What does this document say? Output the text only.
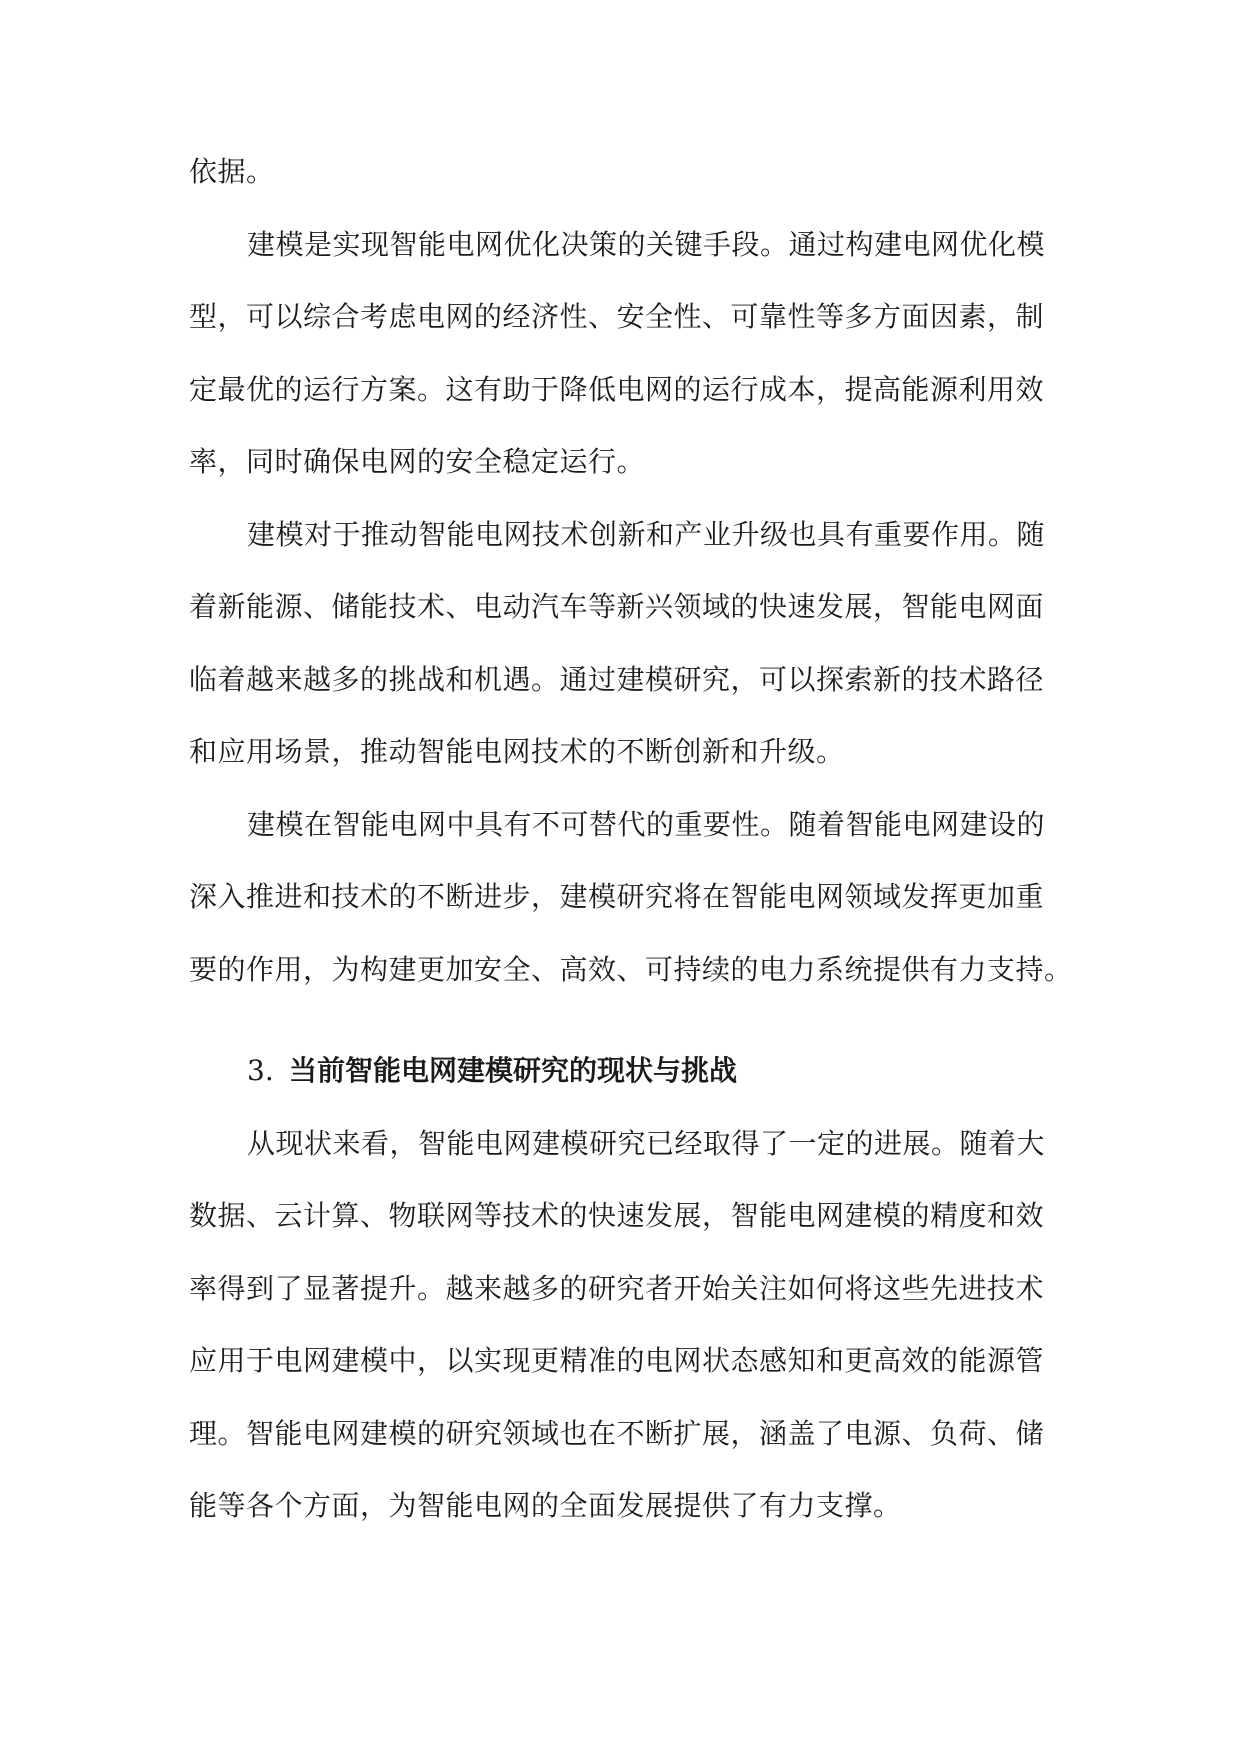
依据。
建模是实现智能电网优化决策的关键手段。通过构建电网优化模
型，可以综合考虑电网的经济性、安全性、可靠性等多方面因素，制
定最优的运行方案。这有助于降低电网的运行成本，提高能源利用效
率，同时确保电网的安全稳定运行。
建模对于推动智能电网技术创新和产业升级也具有重要作用。随
着新能源、储能技术、电动汽车等新兴领域的快速发展，智能电网面
临着越来越多的挑战和机遇。通过建模研究，可以探索新的技术路径
和应用场景，推动智能电网技术的不断创新和升级。
建模在智能电网中具有不可替代的重要性。随着智能电网建设的
深入推进和技术的不断进步，建模研究将在智能电网领域发挥更加重
要的作用，为构建更加安全、高效、可持续的电力系统提供有力支持。
3. 当前智能电网建模研究的现状与挑战
从现状来看，智能电网建模研究已经取得了一定的进展。随着大
数据、云计算、物联网等技术的快速发展，智能电网建模的精度和效
率得到了显著提升。越来越多的研究者开始关注如何将这些先进技术
应用于电网建模中，以实现更精准的电网状态感知和更高效的能源管
理。智能电网建模的研究领域也在不断扩展，涵盖了电源、负荷、储
能等各个方面，为智能电网的全面发展提供了有力支撑。
